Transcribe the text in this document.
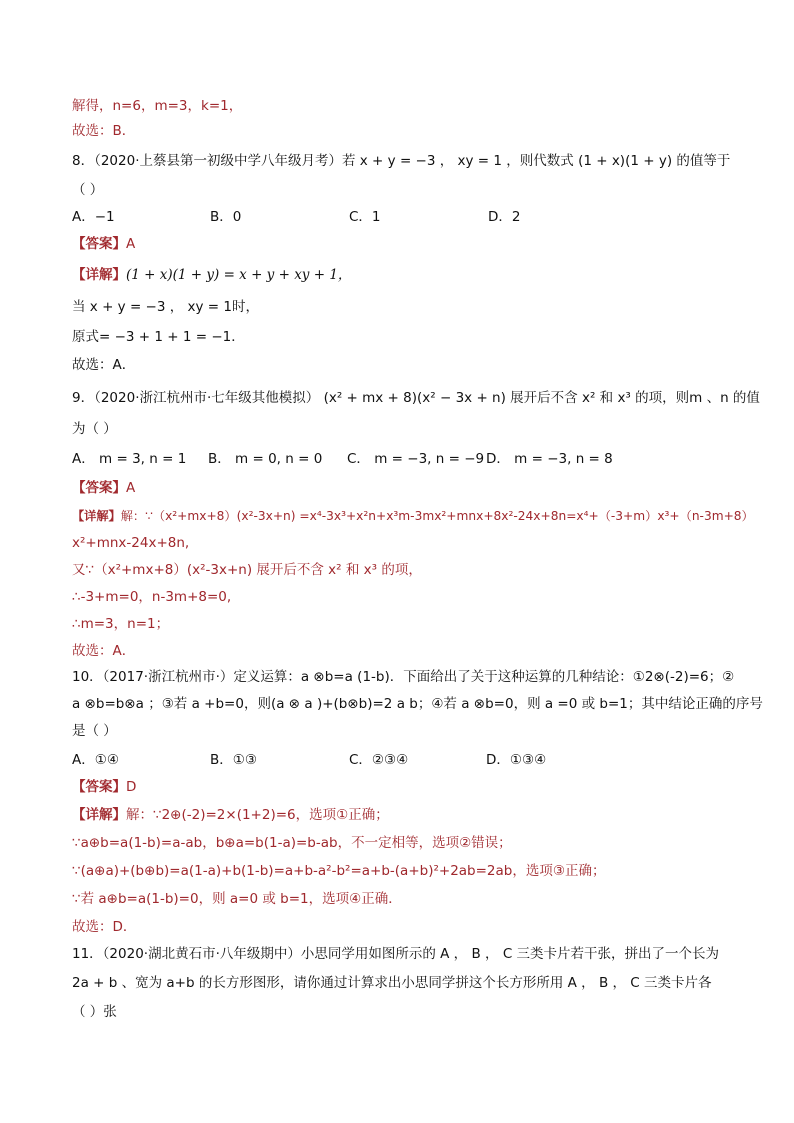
解得，n=6，m=3，k=1，
故选：B．
8．（2020·上蔡县第一初级中学八年级月考）若 x + y = −3 ， xy = 1 ，则代数式 (1 + x)(1 + y) 的值等于
（ ）
A．−1	B．0	C．1	D．2
【答案】A
【详解】(1 + x)(1 + y) = x + y + xy + 1，
当 x + y = −3 ， xy = 1时，
原式= −3 + 1 + 1 = −1．
故选：A．
9．（2020·浙江杭州市·七年级其他模拟） (x² + mx + 8)(x² − 3x + n) 展开后不含 x² 和 x³ 的项，则m 、n 的值
为（ ）
A． m = 3, n = 1 B． m = 0, n = 0 C． m = −3, n = −9 D． m = −3, n = 8
【答案】A
【详解】解：∵（x²+mx+8）(x²-3x+n) =x⁴-3x³+x²n+x³m-3mx²+mnx+8x²-24x+8n=x⁴+（-3+m）x³+（n-3m+8）
x²+mnx-24x+8n,
又∵（x²+mx+8）(x²-3x+n) 展开后不含 x² 和 x³ 的项，
∴-3+m=0，n-3m+8=0,
∴m=3，n=1；
故选：A．
10．（2017·浙江杭州市·）定义运算：a ⊗b=a (1-b)．下面给出了关于这种运算的几种结论：①2⊗(-2)=6；②
a ⊗b=b⊗a ；③若 a +b=0，则(a ⊗ a )+(b⊗b)=2 a b；④若 a ⊗b=0，则 a =0 或 b=1；其中结论正确的序号
是（ ）
A．①④	B．①③	C．②③④	D．①③④
【答案】D
【详解】解：∵2⊕(-2)=2×(1+2)=6，选项①正确；
∵a⊕b=a(1-b)=a-ab，b⊕a=b(1-a)=b-ab，不一定相等，选项②错误；
∵(a⊕a)+(b⊕b)=a(1-a)+b(1-b)=a+b-a²-b²=a+b-(a+b)²+2ab=2ab，选项③正确；
∵若 a⊕b=a(1-b)=0，则 a=0 或 b=1，选项④正确．
故选：D．
11．（2020·湖北黄石市·八年级期中）小思同学用如图所示的 A ， B ， C 三类卡片若干张，拼出了一个长为
2a + b 、宽为 a+b 的长方形图形，请你通过计算求出小思同学拼这个长方形所用 A ， B ， C 三类卡片各
（ ）张
